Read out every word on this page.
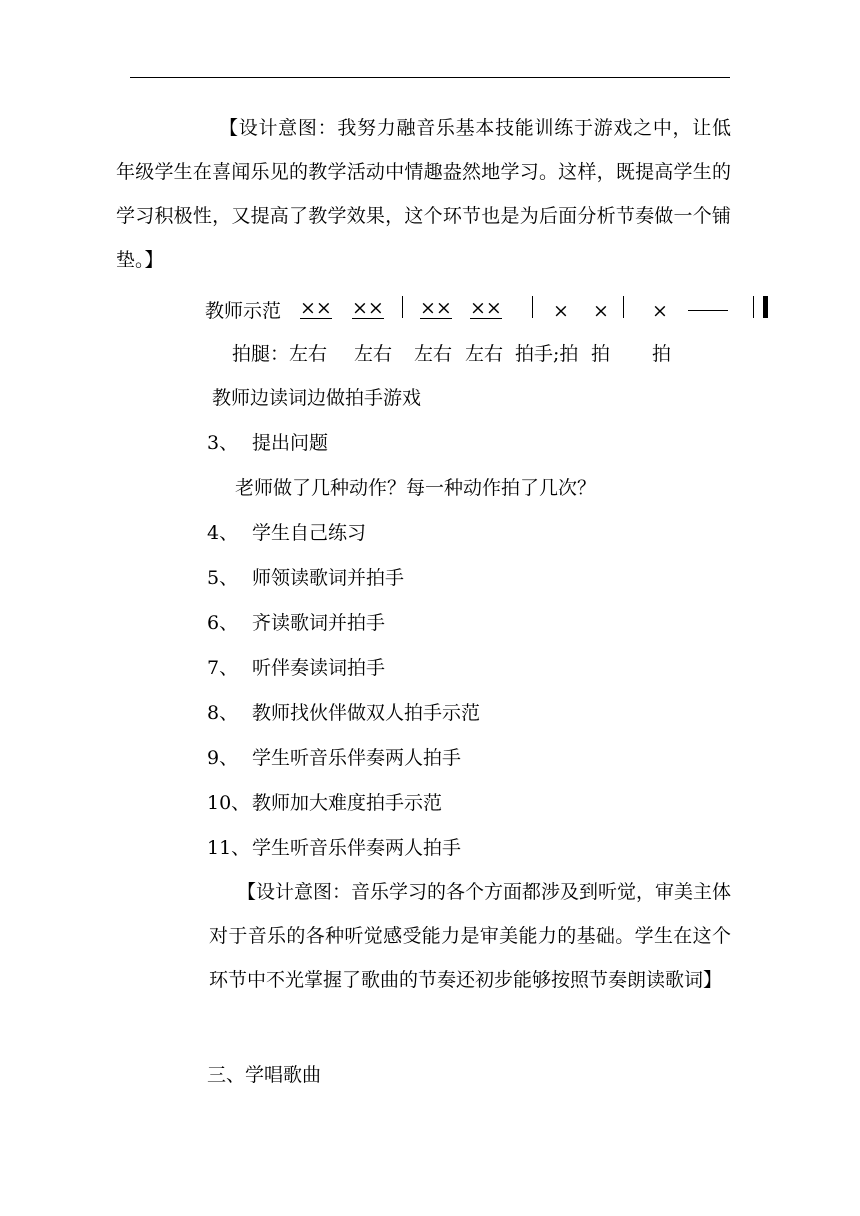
【设计意图：我努力融音乐基本技能训练于游戏之中，让低年级学生在喜闻乐见的教学活动中情趣盎然地学习。这样，既提高学生的学习积极性，又提高了教学效果，这个环节也是为后面分析节奏做一个铺垫。】
教师示范 ×× ×× ×× ××	× × ×
拍腿：左右 左右 左右 左右 拍手;拍 拍 拍
教师边读词边做拍手游戏
3、 提出问题
老师做了几种动作？每一种动作拍了几次？
4、 学生自己练习
5、 师领读歌词并拍手
6、 齐读歌词并拍手
7、 听伴奏读词拍手
8、 教师找伙伴做双人拍手示范
9、 学生听音乐伴奏两人拍手
10、 教师加大难度拍手示范
11、 学生听音乐伴奏两人拍手
【设计意图：音乐学习的各个方面都涉及到听觉，审美主体对于音乐的各种听觉感受能力是审美能力的基础。学生在这个环节中不光掌握了歌曲的节奏还初步能够按照节奏朗读歌词】
三、学唱歌曲
